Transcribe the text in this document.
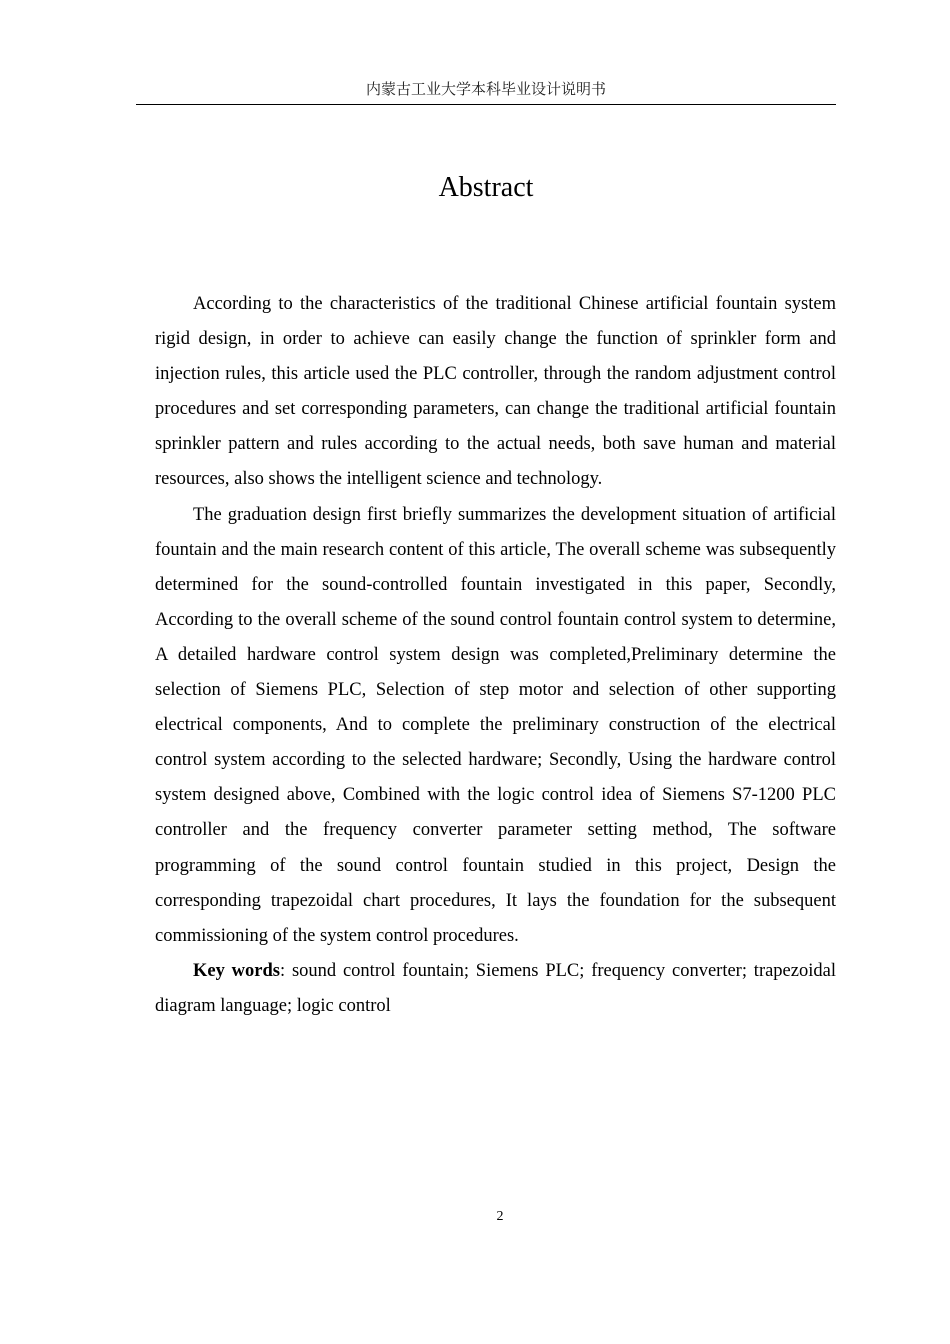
内蒙古工业大学本科毕业设计说明书
Abstract

According to the characteristics of the traditional Chinese artificial fountain system rigid design, in order to achieve can easily change the function of sprinkler form and injection rules, this article used the PLC controller, through the random adjustment control procedures and set corresponding parameters, can change the traditional artificial fountain sprinkler pattern and rules according to the actual needs, both save human and material resources, also shows the intelligent science and technology.

The graduation design first briefly summarizes the development situation of artificial fountain and the main research content of this article, The overall scheme was subsequently determined for the sound-controlled fountain investigated in this paper, Secondly, According to the overall scheme of the sound control fountain control system to determine, A detailed hardware control system design was completed,Preliminary determine the selection of Siemens PLC, Selection of step motor and selection of other supporting electrical components, And to complete the preliminary construction of the electrical control system according to the selected hardware; Secondly, Using the hardware control system designed above, Combined with the logic control idea of Siemens S7-1200 PLC controller and the frequency converter parameter setting method, The software programming of the sound control fountain studied in this project, Design the corresponding trapezoidal chart procedures, It lays the foundation for the subsequent commissioning of the system control procedures.

Key words: sound control fountain; Siemens PLC; frequency converter; trapezoidal diagram language; logic control

2
